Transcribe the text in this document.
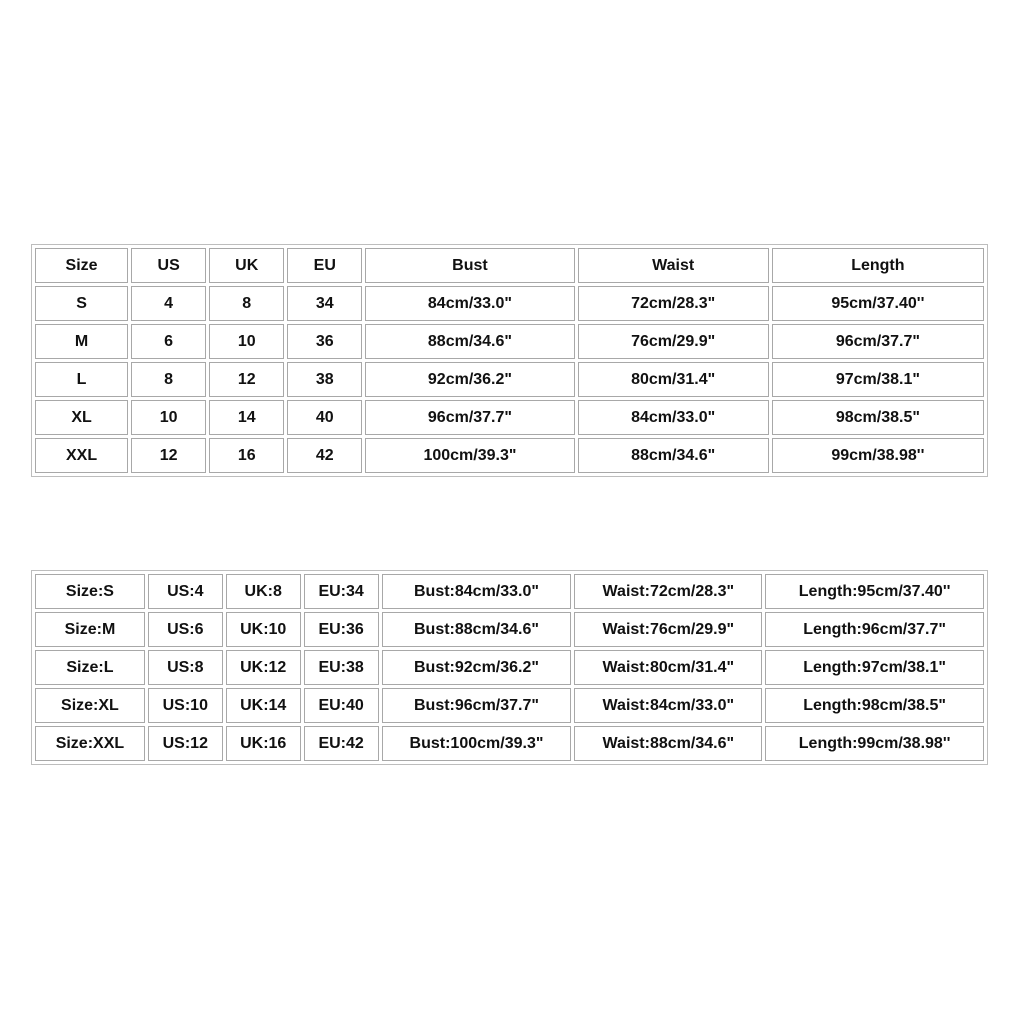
Size	US	UK	EU	Bust	Waist	Length
S	4	8	34	84cm/33.0"	72cm/28.3"	95cm/37.40''
M	6	10	36	88cm/34.6"	76cm/29.9"	96cm/37.7"
L	8	12	38	92cm/36.2"	80cm/31.4"	97cm/38.1"
XL	10	14	40	96cm/37.7"	84cm/33.0"	98cm/38.5"
XXL	12	16	42	100cm/39.3"	88cm/34.6"	99cm/38.98''
Size:S	US:4	UK:8	EU:34	Bust:84cm/33.0"	Waist:72cm/28.3"	Length:95cm/37.40''
Size:M	US:6	UK:10	EU:36	Bust:88cm/34.6"	Waist:76cm/29.9"	Length:96cm/37.7"
Size:L	US:8	UK:12	EU:38	Bust:92cm/36.2"	Waist:80cm/31.4"	Length:97cm/38.1"
Size:XL	US:10	UK:14	EU:40	Bust:96cm/37.7"	Waist:84cm/33.0"	Length:98cm/38.5"
Size:XXL	US:12	UK:16	EU:42	Bust:100cm/39.3"	Waist:88cm/34.6"	Length:99cm/38.98''
